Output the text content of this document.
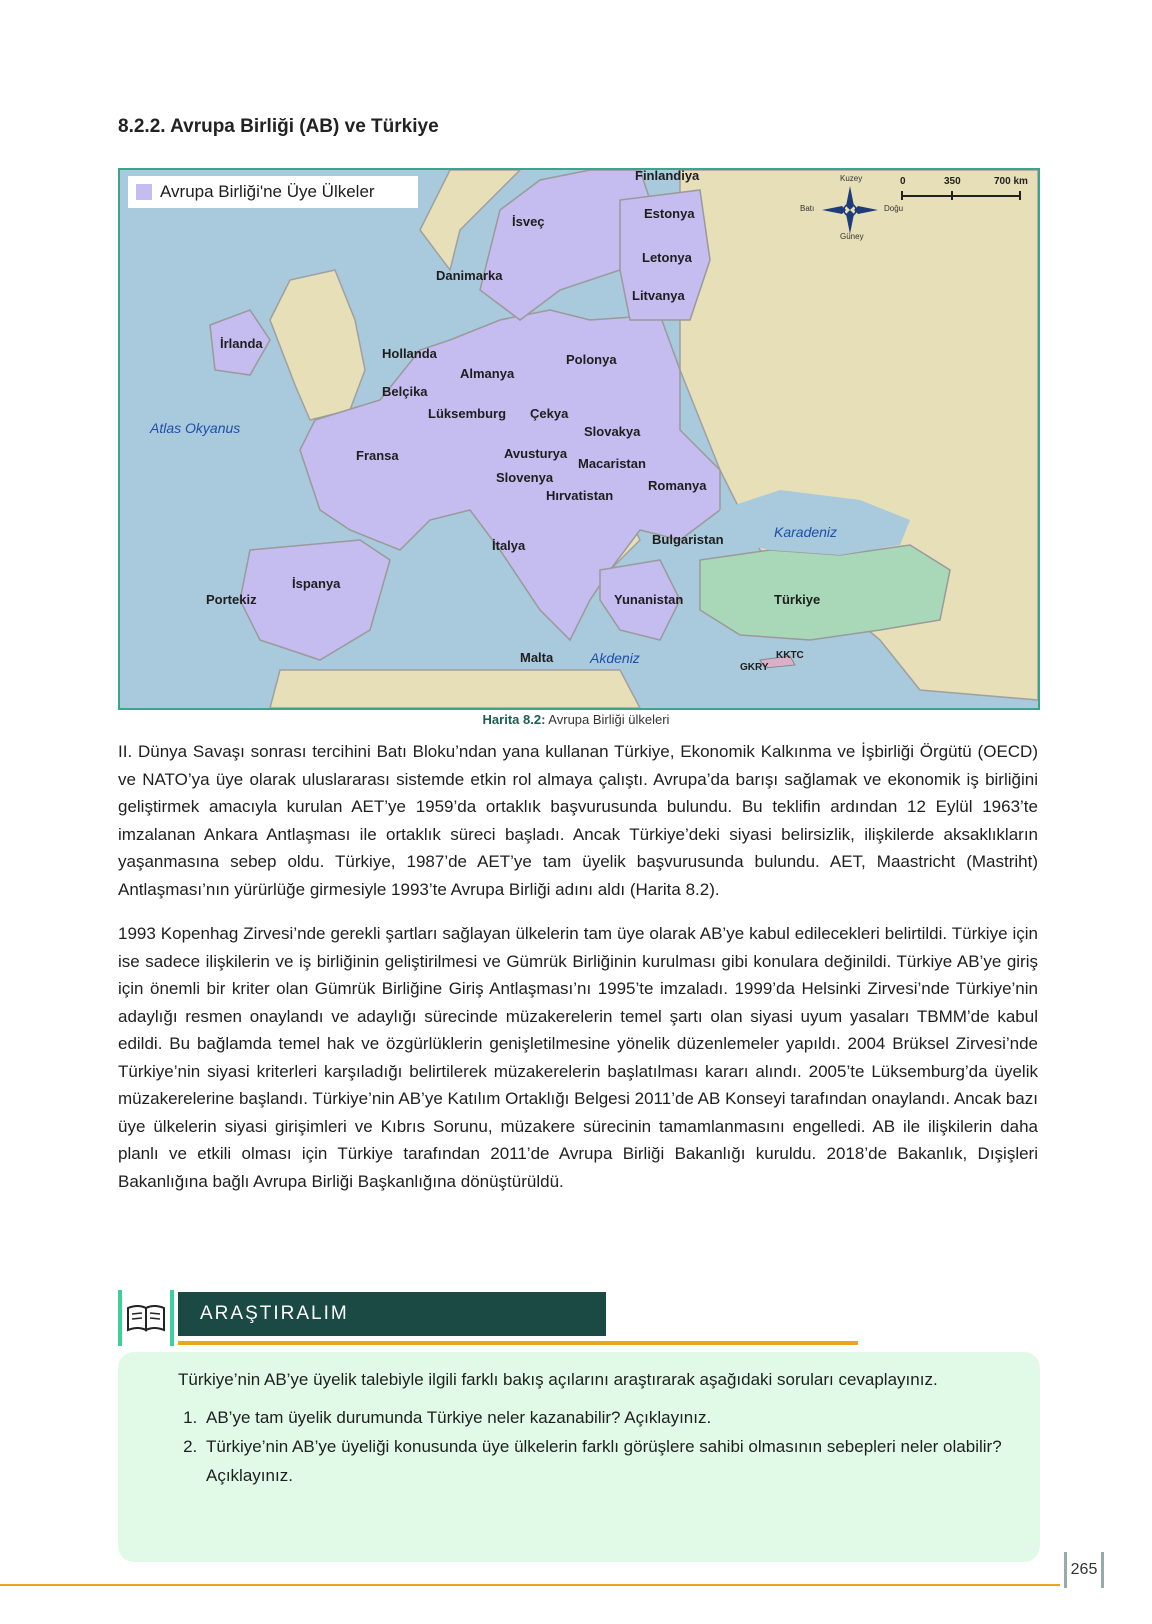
8.2.2. Avrupa Birliği (AB) ve Türkiye
Avrupa Birliği'ne Üye Ülkeler
Kuzey
Güney
Doğu
Batı
0	350	700 km
Finlandiya
İsveç
Estonya
Letonya
Litvanya
Danimarka
İrlanda
Hollanda
Almanya
Polonya
Belçika
Lüksemburg Çekya
Slovakya
Fransa	Avusturya
Macaristan
Slovenya
Hırvatistan
Romanya
İtalya	Bulgaristan
İspanya
Portekiz	Yunanistan	Türkiye
Malta
GKRY
KKTC
Atlas Okyanus
Karadeniz
Akdeniz
Harita 8.2: Avrupa Birliği ülkeleri

II. Dünya Savaşı sonrası tercihini Batı Bloku’ndan yana kullanan Türkiye, Ekonomik Kalkınma ve İşbirliği Örgütü (OECD) ve NATO’ya üye olarak uluslararası sistemde etkin rol almaya çalıştı. Avrupa’da barışı sağlamak ve ekonomik iş birliğini geliştirmek amacıyla kurulan AET’ye 1959’da ortaklık başvurusunda bulundu. Bu teklifin ardından 12 Eylül 1963’te imzalanan Ankara Antlaşması ile ortaklık süreci başladı. Ancak Türkiye’deki siyasi belirsizlik, ilişkilerde aksaklıkların yaşanmasına sebep oldu. Türkiye, 1987’de AET’ye tam üyelik başvurusunda bulundu. AET, Maastricht (Mastriht) Antlaşması’nın yürürlüğe girmesiyle 1993’te Avrupa Birliği adını aldı (Harita 8.2).

1993 Kopenhag Zirvesi’nde gerekli şartları sağlayan ülkelerin tam üye olarak AB’ye kabul edilecekleri belirtildi. Türkiye için ise sadece ilişkilerin ve iş birliğinin geliştirilmesi ve Gümrük Birliğinin kurulması gibi konulara değinildi. Türkiye AB’ye giriş için önemli bir kriter olan Gümrük Birliğine Giriş Antlaşması’nı 1995’te imzaladı. 1999’da Helsinki Zirvesi’nde Türkiye’nin adaylığı resmen onaylandı ve adaylığı sürecinde müzakerelerin temel şartı olan siyasi uyum yasaları TBMM’de kabul edildi. Bu bağlamda temel hak ve özgürlüklerin genişletilmesine yönelik düzenlemeler yapıldı. 2004 Brüksel Zirvesi’nde Türkiye’nin siyasi kriterleri karşıladığı belirtilerek müzakerelerin başlatılması kararı alındı. 2005’te Lüksemburg’da üyelik müzakerelerine başlandı. Türkiye’nin AB’ye Katılım Ortaklığı Belgesi 2011’de AB Konseyi tarafından onaylandı. Ancak bazı üye ülkelerin siyasi girişimleri ve Kıbrıs Sorunu, müzakere sürecinin tamamlanmasını engelledi. AB ile ilişkilerin daha planlı ve etkili olması için Türkiye tarafından 2011’de Avrupa Birliği Bakanlığı kuruldu. 2018’de Bakanlık, Dışişleri Bakanlığına bağlı Avrupa Birliği Başkanlığına dönüştürüldü.

ARAŞTIRALIM

Türkiye’nin AB’ye üyelik talebiyle ilgili farklı bakış açılarını araştırarak aşağıdaki soruları cevaplayınız.

1. AB’ye tam üyelik durumunda Türkiye neler kazanabilir? Açıklayınız.
2. Türkiye’nin AB’ye üyeliği konusunda üye ülkelerin farklı görüşlere sahibi olmasının sebepleri neler olabilir? Açıklayınız.
265
